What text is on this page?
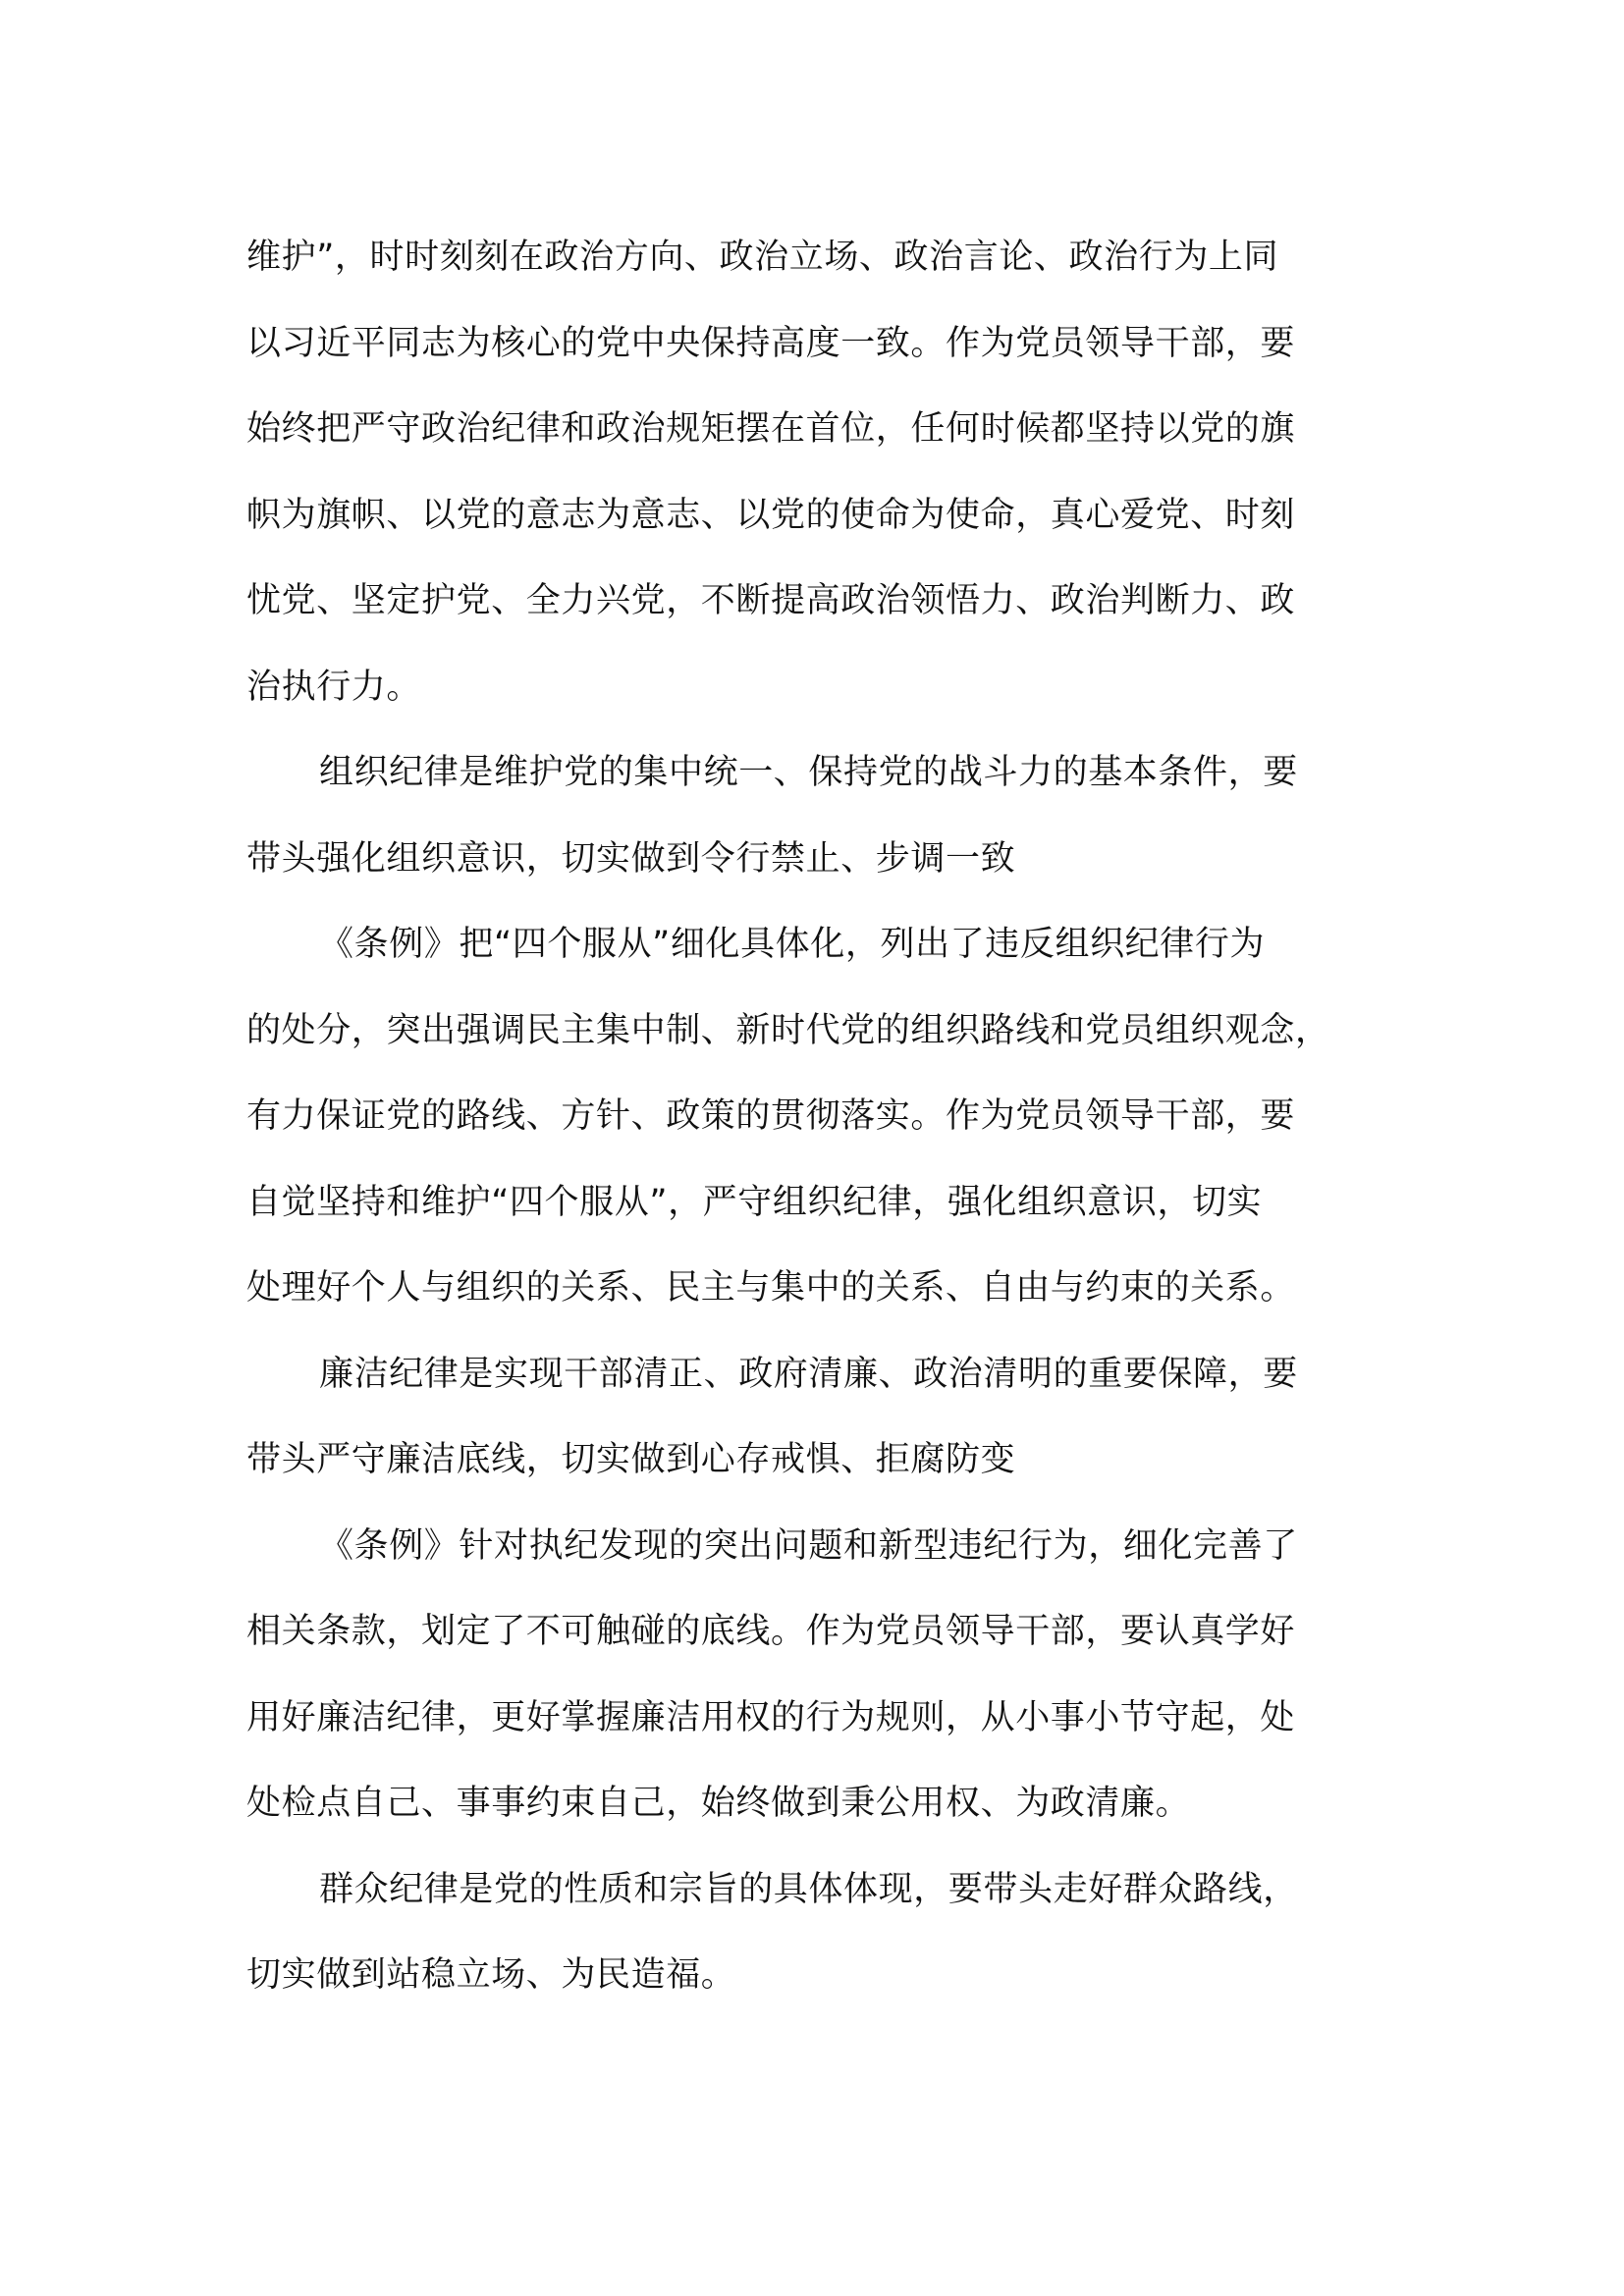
维护”，时时刻刻在政治方向、政治立场、政治言论、政治行为上同
以习近平同志为核心的党中央保持高度一致。作为党员领导干部，要
始终把严守政治纪律和政治规矩摆在首位，任何时候都坚持以党的旗
帜为旗帜、以党的意志为意志、以党的使命为使命，真心爱党、时刻
忧党、坚定护党、全力兴党，不断提高政治领悟力、政治判断力、政
治执行力。
组织纪律是维护党的集中统一、保持党的战斗力的基本条件，要
带头强化组织意识，切实做到令行禁止、步调一致
《条例》把“四个服从”细化具体化，列出了违反组织纪律行为
的处分，突出强调民主集中制、新时代党的组织路线和党员组织观念，
有力保证党的路线、方针、政策的贯彻落实。作为党员领导干部，要
自觉坚持和维护“四个服从”，严守组织纪律，强化组织意识，切实
处理好个人与组织的关系、民主与集中的关系、自由与约束的关系。
廉洁纪律是实现干部清正、政府清廉、政治清明的重要保障，要
带头严守廉洁底线，切实做到心存戒惧、拒腐防变
《条例》针对执纪发现的突出问题和新型违纪行为，细化完善了
相关条款，划定了不可触碰的底线。作为党员领导干部，要认真学好
用好廉洁纪律，更好掌握廉洁用权的行为规则，从小事小节守起，处
处检点自己、事事约束自己，始终做到秉公用权、为政清廉。
群众纪律是党的性质和宗旨的具体体现，要带头走好群众路线，
切实做到站稳立场、为民造福。
